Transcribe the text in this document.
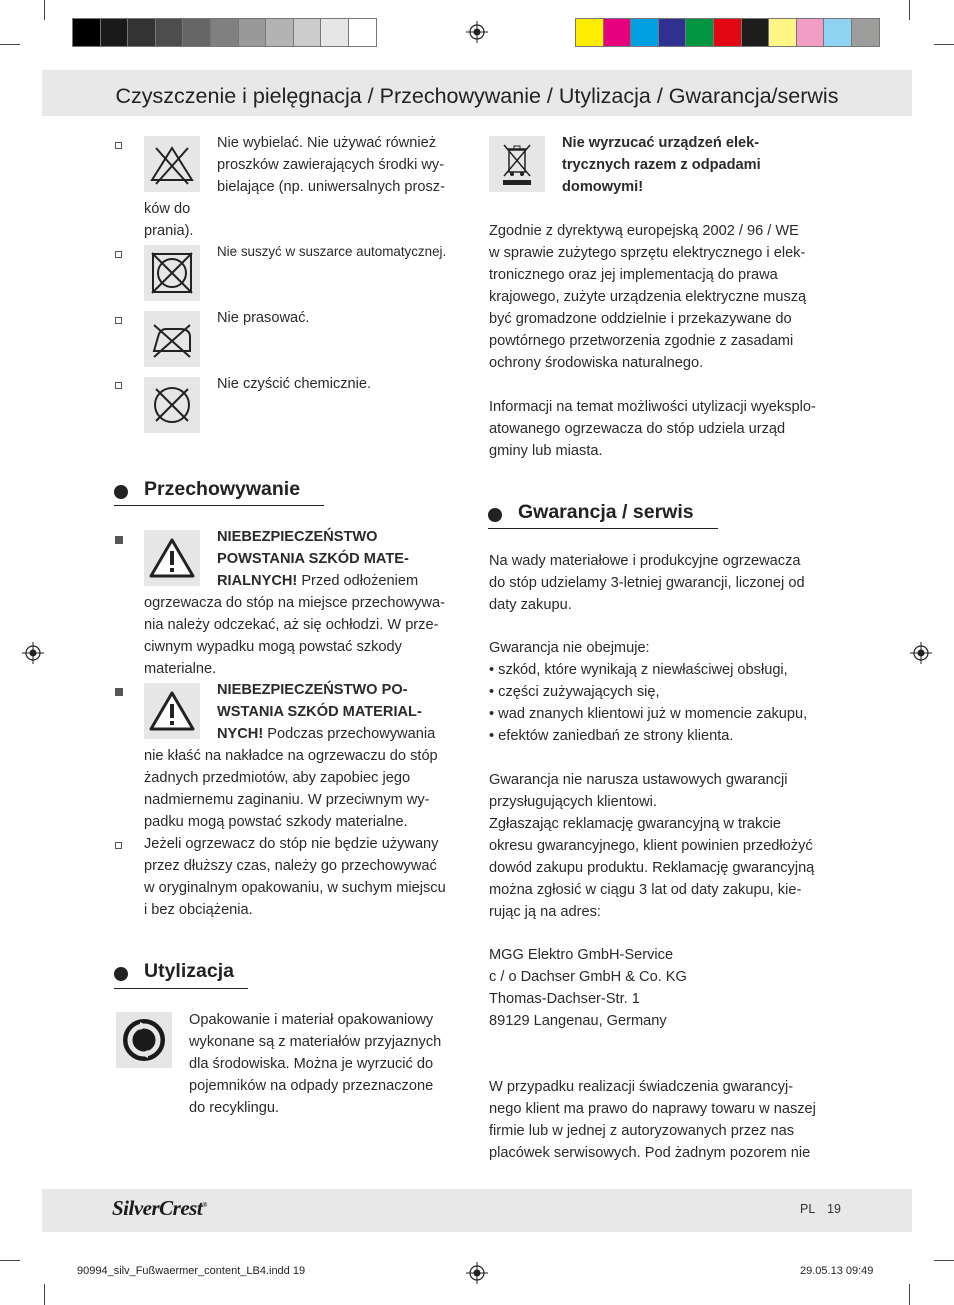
Czyszczenie i pielęgnacja / Przechowywanie / Utylizacja / Gwarancja/serwis
Nie wybielać. Nie używać również
proszków zawierających środki wy-
bielające (np. uniwersalnych prosz-
ków do
prania).
Nie suszyć w suszarce automatycznej.
Nie prasować.
Nie czyścić chemicznie.
Przechowywanie
NIEBEZPIECZEŃSTWO
POWSTANIA SZKÓD MATE-
RIALNYCH! Przed odłożeniem
ogrzewacza do stóp na miejsce przechowywa-
nia należy odczekać, aż się ochłodzi. W prze-
ciwnym wypadku mogą powstać szkody
materialne.
NIEBEZPIECZEŃSTWO PO-
WSTANIA SZKÓD MATERIAL-
NYCH! Podczas przechowywania
nie kłaść na nakładce na ogrzewaczu do stóp
żadnych przedmiotów, aby zapobiec jego
nadmiernemu zaginaniu. W przeciwnym wy-
padku mogą powstać szkody materialne.
Jeżeli ogrzewacz do stóp nie będzie używany
przez dłuższy czas, należy go przechowywać
w oryginalnym opakowaniu, w suchym miejscu
i bez obciążenia.
Utylizacja
Opakowanie i materiał opakowaniowy
wykonane są z materiałów przyjaznych
dla środowiska. Można je wyrzucić do
pojemników na odpady przeznaczone
do recyklingu.
Nie wyrzucać urządzeń elek-
trycznych razem z odpadami
domowymi!
Zgodnie z dyrektywą europejską 2002 / 96 / WE
w sprawie zużytego sprzętu elektrycznego i elek-
tronicznego oraz jej implementacją do prawa
krajowego, zużyte urządzenia elektryczne muszą
być gromadzone oddzielnie i przekazywane do
powtórnego przetworzenia zgodnie z zasadami
ochrony środowiska naturalnego.
Informacji na temat możliwości utylizacji wyeksplo-
atowanego ogrzewacza do stóp udziela urząd
gminy lub miasta.
Gwarancja / serwis
Na wady materiałowe i produkcyjne ogrzewacza
do stóp udzielamy 3-letniej gwarancji, liczonej od
daty zakupu.
Gwarancja nie obejmuje:
• szkód, które wynikają z niewłaściwej obsługi,
• części zużywających się,
• wad znanych klientowi już w momencie zakupu,
• efektów zaniedbań ze strony klienta.
Gwarancja nie narusza ustawowych gwarancji
przysługujących klientowi.
Zgłaszając reklamację gwarancyjną w trakcie
okresu gwarancyjnego, klient powinien przedłożyć
dowód zakupu produktu. Reklamację gwarancyjną
można zgłosić w ciągu 3 lat od daty zakupu, kie-
rując ją na adres:
MGG Elektro GmbH-Service
c / o Dachser GmbH & Co. KG
Thomas-Dachser-Str. 1
89129 Langenau, Germany
W przypadku realizacji świadczenia gwarancyj-
nego klient ma prawo do naprawy towaru w naszej
firmie lub w jednej z autoryzowanych przez nas
placówek serwisowych. Pod żadnym pozorem nie
SilverCrest®	PL 19
90994_silv_Fußwaermer_content_LB4.indd 19	29.05.13 09:49
